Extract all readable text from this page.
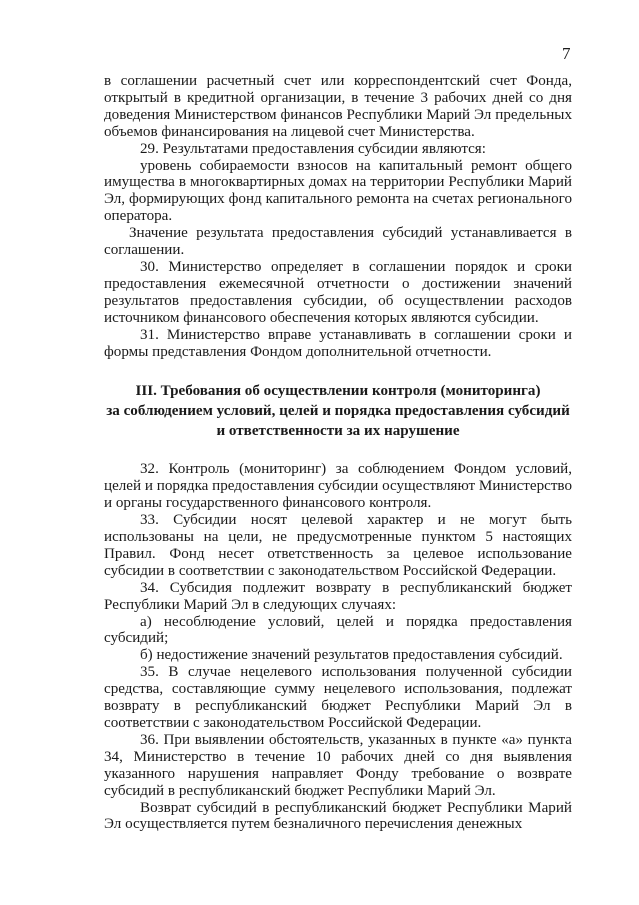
7

в соглашении расчетный счет или корреспондентский счет Фонда, открытый в кредитной организации, в течение 3 рабочих дней со дня доведения Министерством финансов Республики Марий Эл предельных объемов финансирования на лицевой счет Министерства.

29. Результатами предоставления субсидии являются:

уровень собираемости взносов на капитальный ремонт общего имущества в многоквартирных домах на территории Республики Марий Эл, формирующих фонд капитального ремонта на счетах регионального оператора.

Значение результата предоставления субсидий устанавливается в соглашении.

30. Министерство определяет в соглашении порядок и сроки предоставления ежемесячной отчетности о достижении значений результатов предоставления субсидии, об осуществлении расходов источником финансового обеспечения которых являются субсидии.

31. Министерство вправе устанавливать в соглашении сроки и формы представления Фондом дополнительной отчетности.

III. Требования об осуществлении контроля (мониторинга)
за соблюдением условий, целей и порядка предоставления субсидий
и ответственности за их нарушение

32. Контроль (мониторинг) за соблюдением Фондом условий, целей и порядка предоставления субсидии осуществляют Министерство и органы государственного финансового контроля.

33. Субсидии носят целевой характер и не могут быть использованы на цели, не предусмотренные пунктом 5 настоящих Правил. Фонд несет ответственность за целевое использование субсидии в соответствии с законодательством Российской Федерации.

34. Субсидия подлежит возврату в республиканский бюджет Республики Марий Эл в следующих случаях:

а) несоблюдение условий, целей и порядка предоставления субсидий;

б) недостижение значений результатов предоставления субсидий.

35. В случае нецелевого использования полученной субсидии средства, составляющие сумму нецелевого использования, подлежат возврату в республиканский бюджет Республики Марий Эл в соответствии с законодательством Российской Федерации.

36. При выявлении обстоятельств, указанных в пункте «а» пункта 34, Министерство в течение 10 рабочих дней со дня выявления указанного нарушения направляет Фонду требование о возврате субсидий в республиканский бюджет Республики Марий Эл.

Возврат субсидий в республиканский бюджет Республики Марий Эл осуществляется путем безналичного перечисления денежных
